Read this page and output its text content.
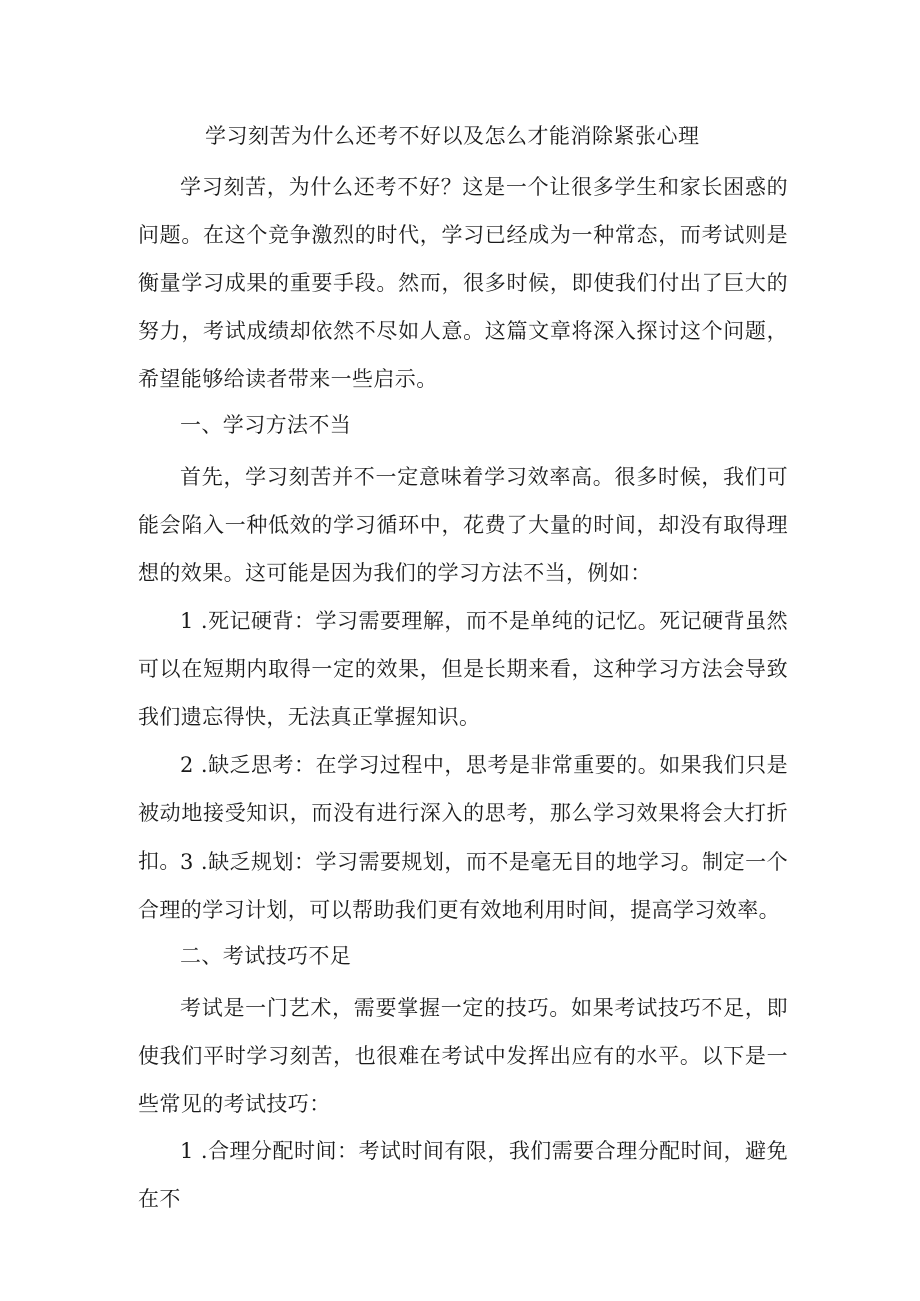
学习刻苦为什么还考不好以及怎么才能消除紧张心理

学习刻苦，为什么还考不好？这是一个让很多学生和家长困惑的问题。在这个竞争激烈的时代，学习已经成为一种常态，而考试则是衡量学习成果的重要手段。然而，很多时候，即使我们付出了巨大的努力，考试成绩却依然不尽如人意。这篇文章将深入探讨这个问题，希望能够给读者带来一些启示。

一、学习方法不当

首先，学习刻苦并不一定意味着学习效率高。很多时候，我们可能会陷入一种低效的学习循环中，花费了大量的时间，却没有取得理想的效果。这可能是因为我们的学习方法不当，例如：

1 .死记硬背：学习需要理解，而不是单纯的记忆。死记硬背虽然可以在短期内取得一定的效果，但是长期来看，这种学习方法会导致我们遗忘得快，无法真正掌握知识。

2 .缺乏思考：在学习过程中，思考是非常重要的。如果我们只是被动地接受知识，而没有进行深入的思考，那么学习效果将会大打折扣。 3 .缺乏规划：学习需要规划，而不是毫无目的地学习。制定一个合理的学习计划，可以帮助我们更有效地利用时间，提高学习效率。

二、考试技巧不足

考试是一门艺术，需要掌握一定的技巧。如果考试技巧不足，即使我们平时学习刻苦，也很难在考试中发挥出应有的水平。以下是一些常见的考试技巧：

1 .合理分配时间：考试时间有限，我们需要合理分配时间，避免在不
